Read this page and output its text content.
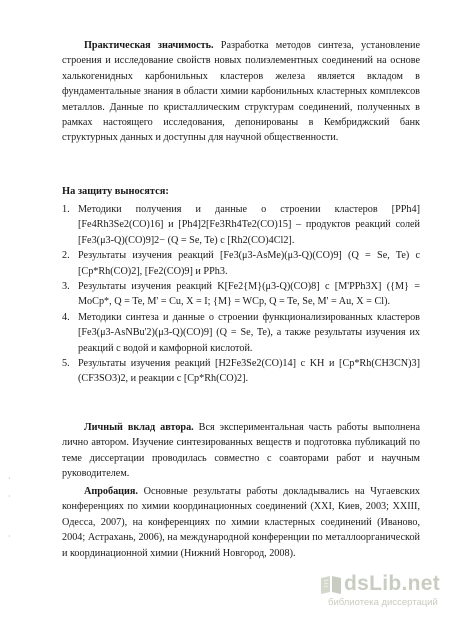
Практическая значимость. Разработка методов синтеза, установление строения и исследование свойств новых полиэлементных соединений на основе халькогенидных карбонильных кластеров железа является вкладом в фундаментальные знания в области химии карбонильных кластерных комплексов металлов. Данные по кристаллическим структурам соединений, полученных в рамках настоящего исследования, депонированы в Кембриджский банк структурных данных и доступны для научной общественности.

На защиту выносятся:
1. Методики получения и данные о строении кластеров [PPh4][Fe4Rh3Se2(CO)16] и [Ph4]2[Fe3Rh4Te2(CO)15] – продуктов реакций солей [Fe3(μ3-Q)(CO)9]2− (Q = Se, Te) с [Rh2(CO)4Cl2].
2. Результаты изучения реакций [Fe3(μ3-AsMe)(μ3-Q)(CO)9] (Q = Se, Te) с [Cp*Rh(CO)2], [Fe2(CO)9] и PPh3.
3. Результаты изучения реакций K[Fe2{M}(μ3-Q)(CO)8] с [M'PPh3X] ({M} = MoCp*, Q = Te, M' = Cu, X = I; {M} = WCp, Q = Te, Se, M' = Au, X = Cl).
4. Методики синтеза и данные о строении функционализированных кластеров [Fe3(μ3-AsNBu'2)(μ3-Q)(CO)9] (Q = Se, Te), а также результаты изучения их реакций с водой и камфорной кислотой.
5. Результаты изучения реакций [H2Fe3Se2(CO)14] с KH и [Cp*Rh(CH3CN)3](CF3SO3)2, и реакции с [Cp*Rh(CO)2].

Личный вклад автора. Вся экспериментальная часть работы выполнена лично автором. Изучение синтезированных веществ и подготовка публикаций по теме диссертации проводилась совместно с соавторами работ и научным руководителем.

Апробация. Основные результаты работы докладывались на Чугаевских конференциях по химии координационных соединений (XXI, Киев, 2003; XXIII, Одесса, 2007), на конференциях по химии кластерных соединений (Иваново, 2004; Астрахань, 2006), на международной конференции по металлоорганической и координационной химии (Нижний Новгород, 2008).

·
·
·
dsLib.net
библиотека диссертаций
